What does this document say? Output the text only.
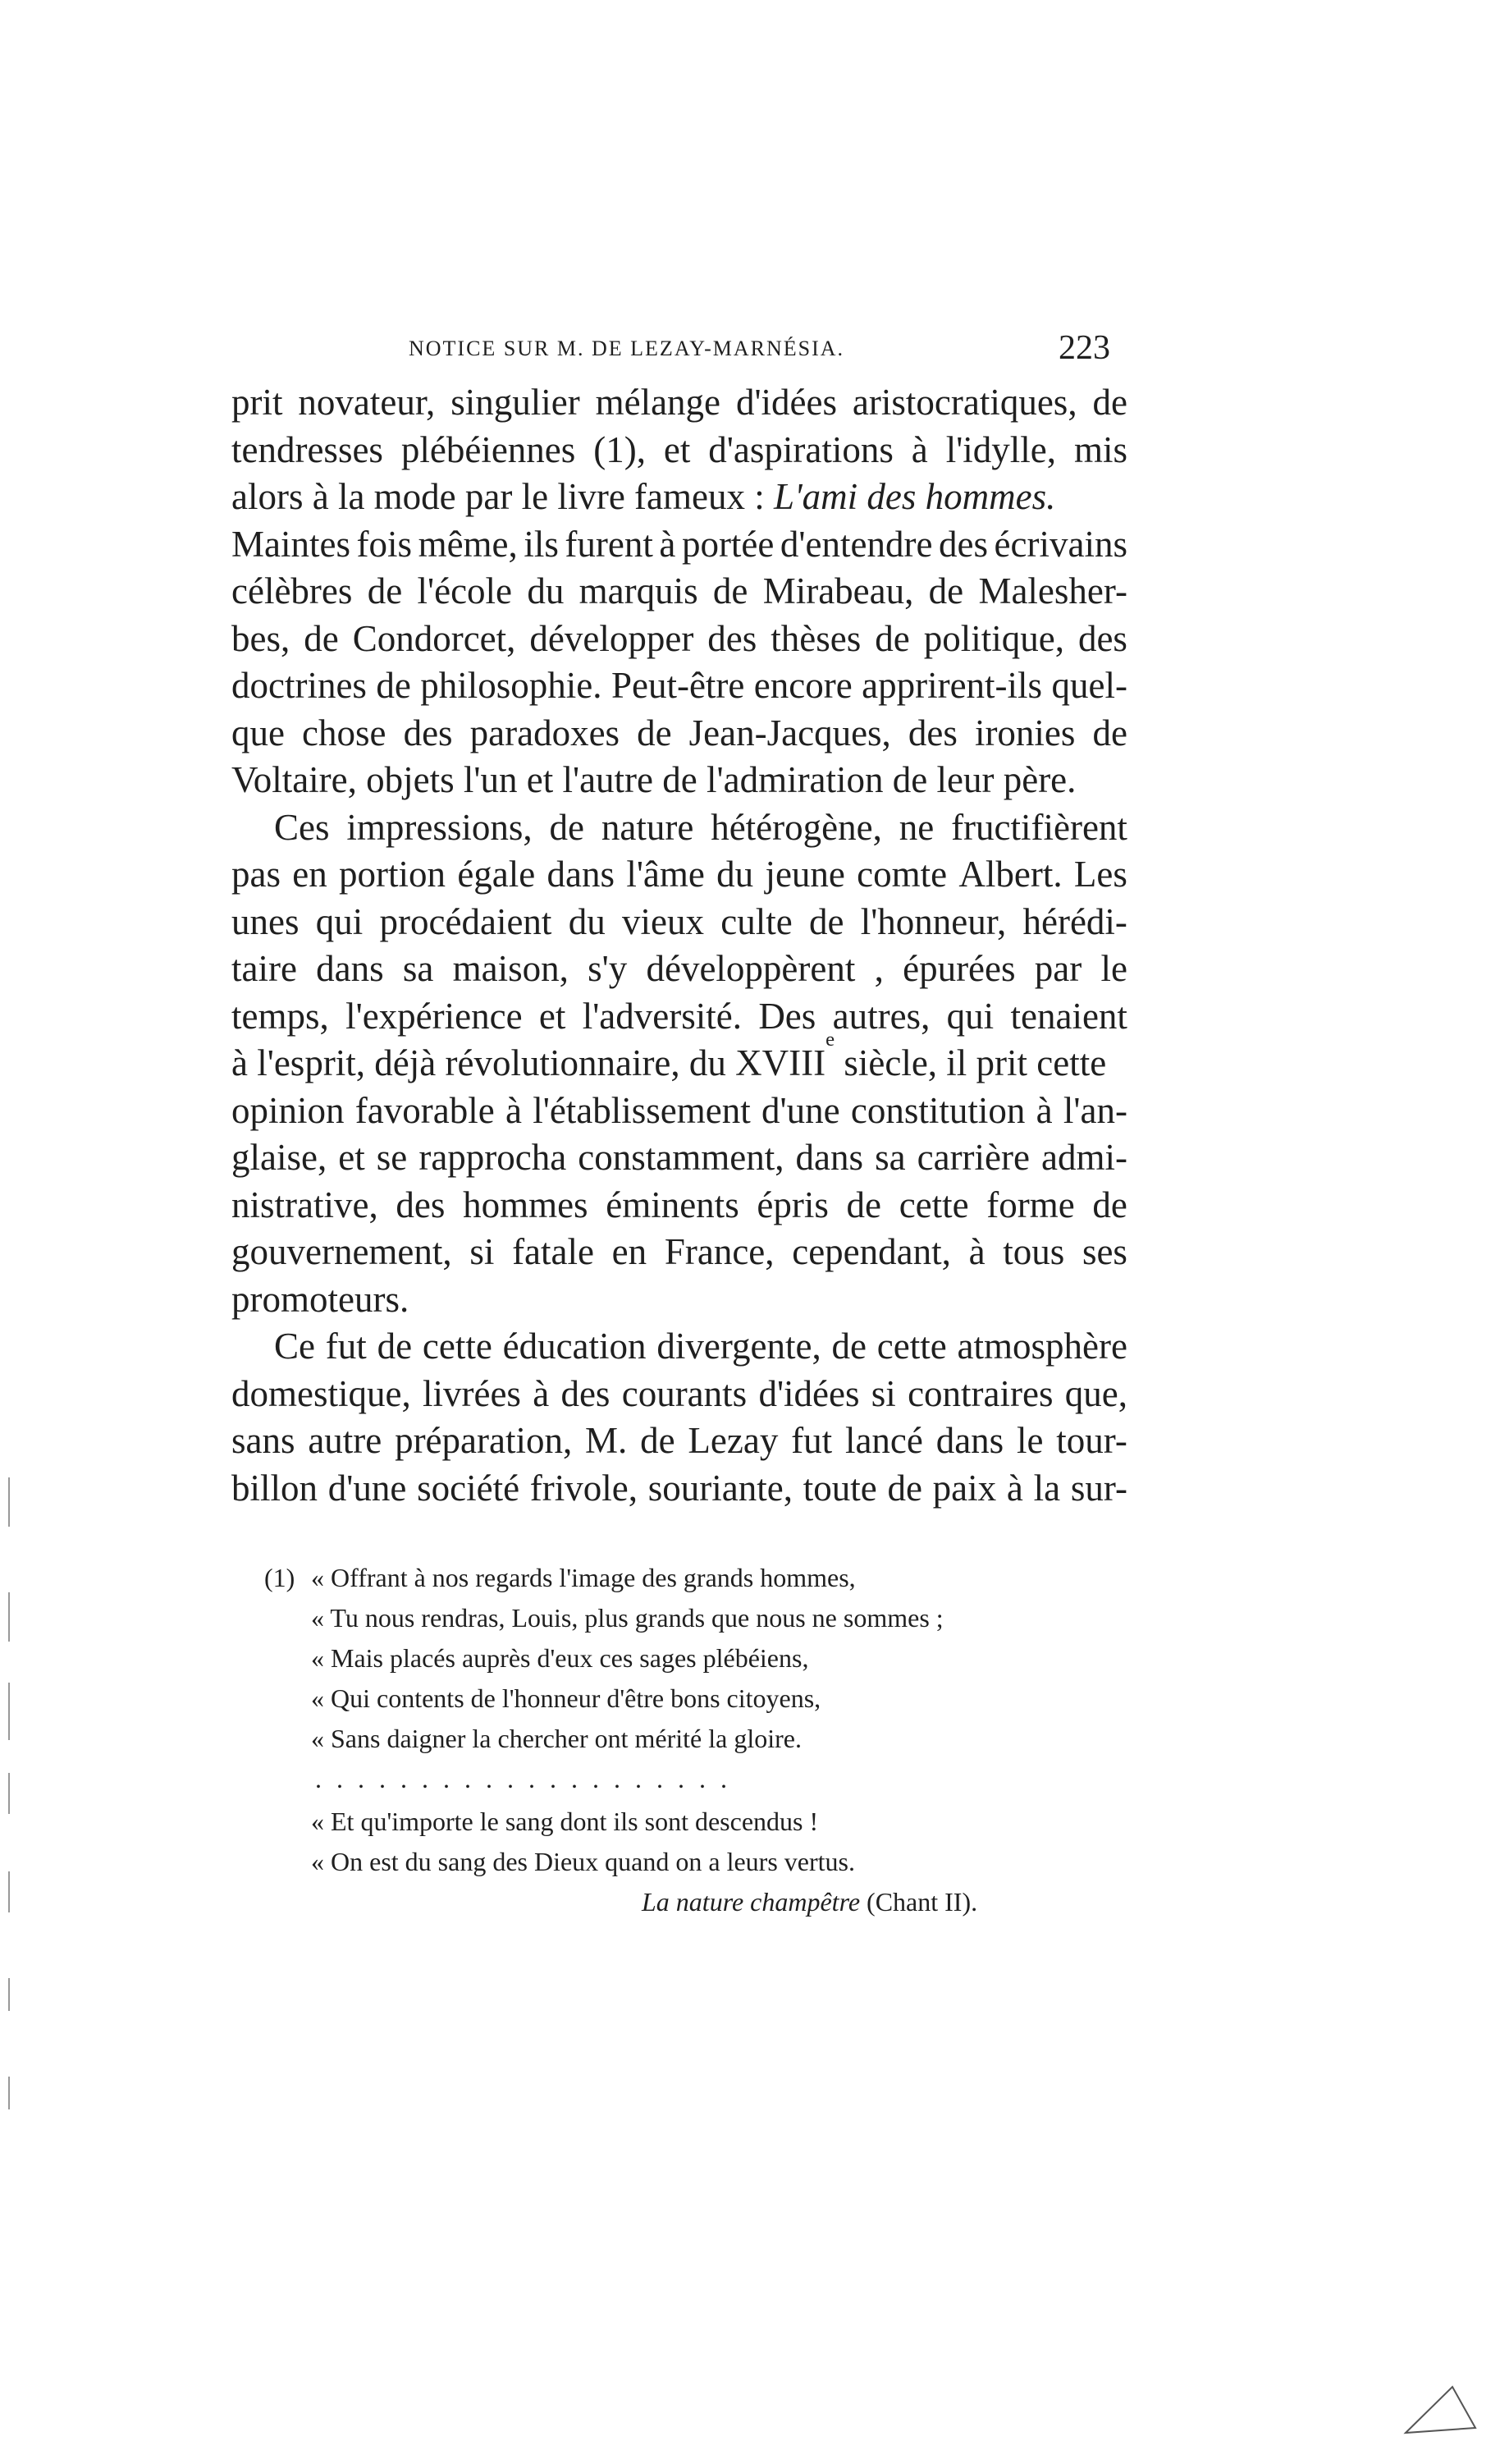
NOTICE SUR M. DE LEZAY-MARNÉSIA.	223
prit novateur, singulier mélange d'idées aristocratiques, de
tendresses plébéiennes (1), et d'aspirations à l'idylle, mis
alors à la mode par le livre fameux : L'ami des hommes.
Maintes fois même, ils furent à portée d'entendre des écrivains
célèbres de l'école du marquis de Mirabeau, de Malesher-
bes, de Condorcet, développer des thèses de politique, des
doctrines de philosophie. Peut-être encore apprirent-ils quel-
que chose des paradoxes de Jean-Jacques, des ironies de
Voltaire, objets l'un et l'autre de l'admiration de leur père.
Ces impressions, de nature hétérogène, ne fructifièrent
pas en portion égale dans l'âme du jeune comte Albert. Les
unes qui procédaient du vieux culte de l'honneur, hérédi-
taire dans sa maison, s'y développèrent , épurées par le
temps, l'expérience et l'adversité. Des autres, qui tenaient
à l'esprit, déjà révolutionnaire, du XVIII
e
siècle, il prit cette
opinion favorable à l'établissement d'une constitution à l'an-
glaise, et se rapprocha constamment, dans sa carrière admi-
nistrative, des hommes éminents épris de cette forme de
gouvernement, si fatale en France, cependant, à tous ses
promoteurs.
Ce fut de cette éducation divergente, de cette atmosphère
domestique, livrées à des courants d'idées si contraires que,
sans autre préparation, M. de Lezay fut lancé dans le tour-
billon d'une société frivole, souriante, toute de paix à la sur-
(1) « Offrant à nos regards l'image des grands hommes,
« Tu nous rendras, Louis, plus grands que nous ne sommes ;
« Mais placés auprès d'eux ces sages plébéiens,
« Qui contents de l'honneur d'être bons citoyens,
« Sans daigner la chercher ont mérité la gloire.
....................
« Et qu'importe le sang dont ils sont descendus !
« On est du sang des Dieux quand on a leurs vertus.
La nature champêtre (Chant II).
